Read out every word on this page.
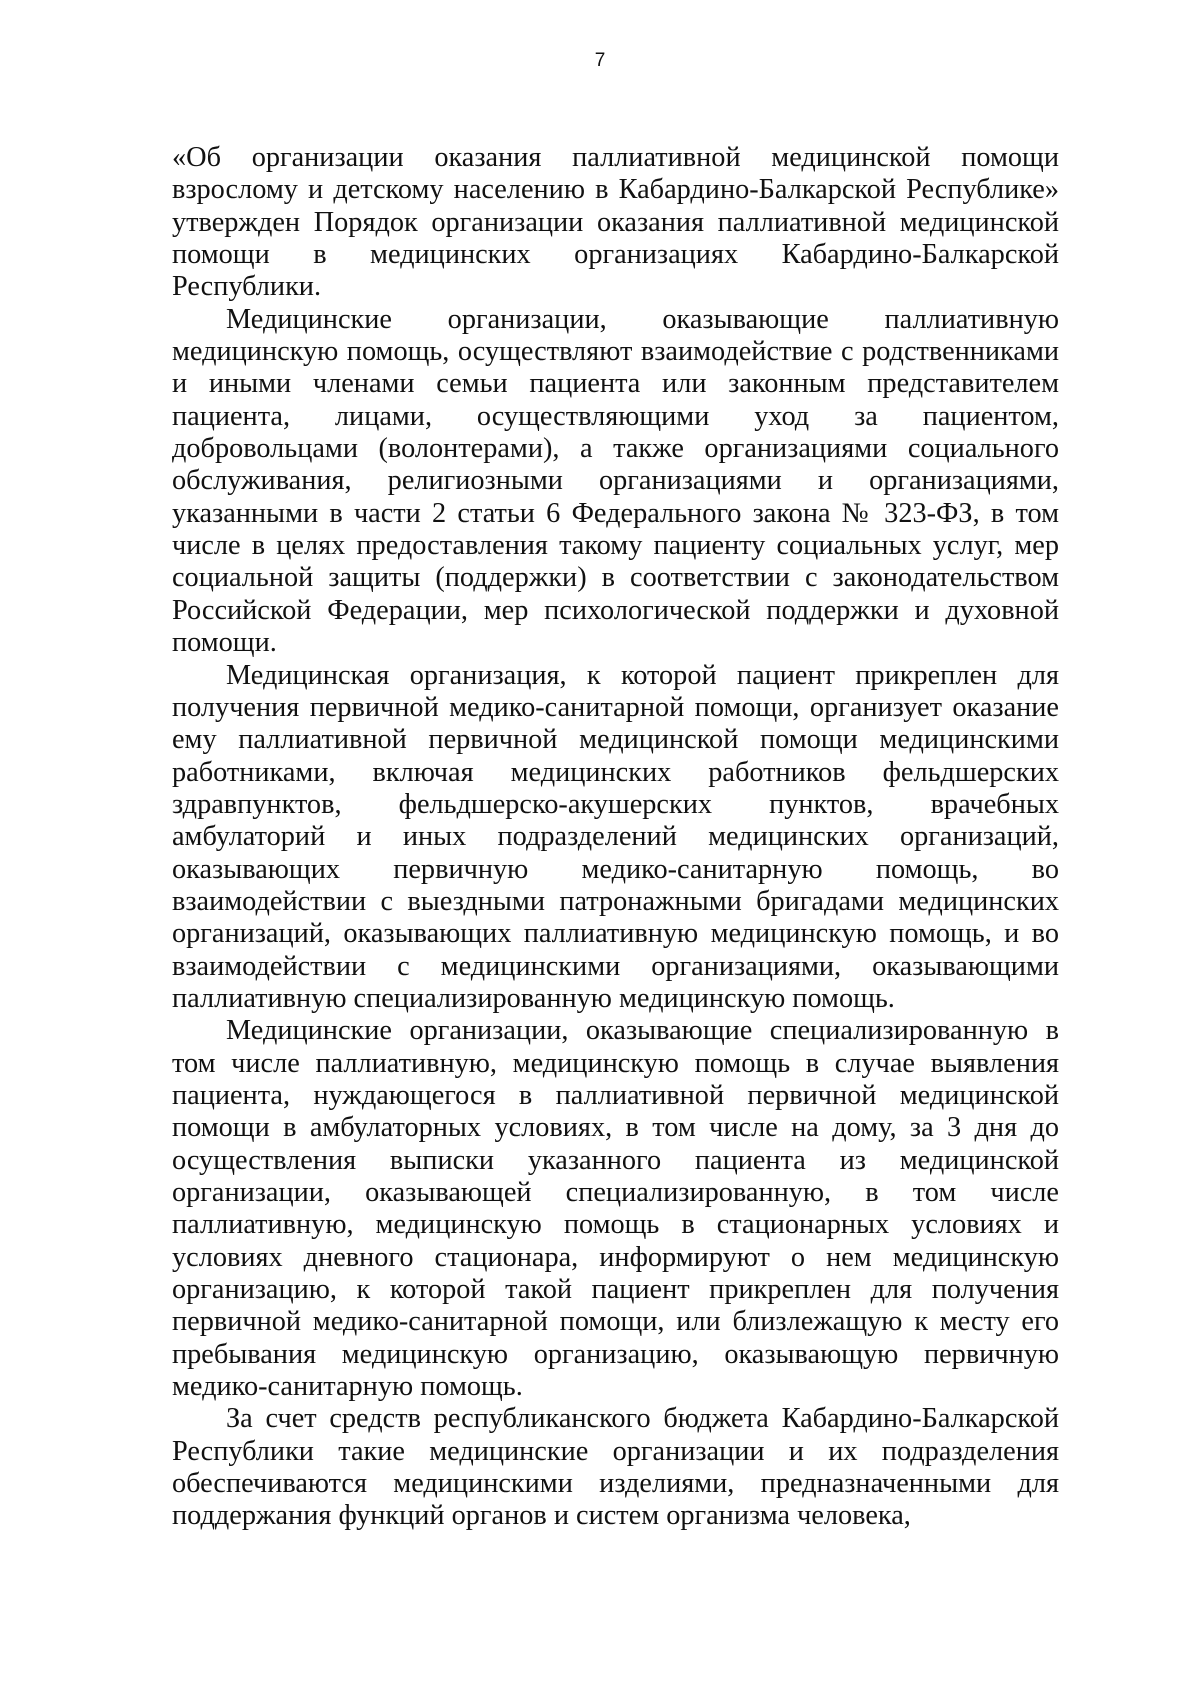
7

«Об организации оказания паллиативной медицинской помощи взрослому и детскому населению в Кабардино-Балкарской Республике» утвержден Порядок организации оказания паллиативной медицинской помощи в медицинских организациях Кабардино-Балкарской Республики.

Медицинские организации, оказывающие паллиативную медицинскую помощь, осуществляют взаимодействие с родственниками и иными членами семьи пациента или законным представителем пациента, лицами, осуществляющими уход за пациентом, добровольцами (волонтерами), а также организациями социального обслуживания, религиозными организациями и организациями, указанными в части 2 статьи 6 Федерального закона № 323-ФЗ, в том числе в целях предоставления такому пациенту социальных услуг, мер социальной защиты (поддержки) в соответствии с законодательством Российской Федерации, мер психологической поддержки и духовной помощи.

Медицинская организация, к которой пациент прикреплен для получения первичной медико-санитарной помощи, организует оказание ему паллиативной первичной медицинской помощи медицинскими работниками, включая медицинских работников фельдшерских здравпунктов, фельдшерско-акушерских пунктов, врачебных амбулаторий и иных подразделений медицинских организаций, оказывающих первичную медико-санитарную помощь, во взаимодействии с выездными патронажными бригадами медицинских организаций, оказывающих паллиативную медицинскую помощь, и во взаимодействии с медицинскими организациями, оказывающими паллиативную специализированную медицинскую помощь.

Медицинские организации, оказывающие специализированную в том числе паллиативную, медицинскую помощь в случае выявления пациента, нуждающегося в паллиативной первичной медицинской помощи в амбулаторных условиях, в том числе на дому, за 3 дня до осуществления выписки указанного пациента из медицинской организации, оказывающей специализированную, в том числе паллиативную, медицинскую помощь в стационарных условиях и условиях дневного стационара, информируют о нем медицинскую организацию, к которой такой пациент прикреплен для получения первичной медико-санитарной помощи, или близлежащую к месту его пребывания медицинскую организацию, оказывающую первичную медико-санитарную помощь.

За счет средств республиканского бюджета Кабардино-Балкарской Республики такие медицинские организации и их подразделения обеспечиваются медицинскими изделиями, предназначенными для поддержания функций органов и систем организма человека,
